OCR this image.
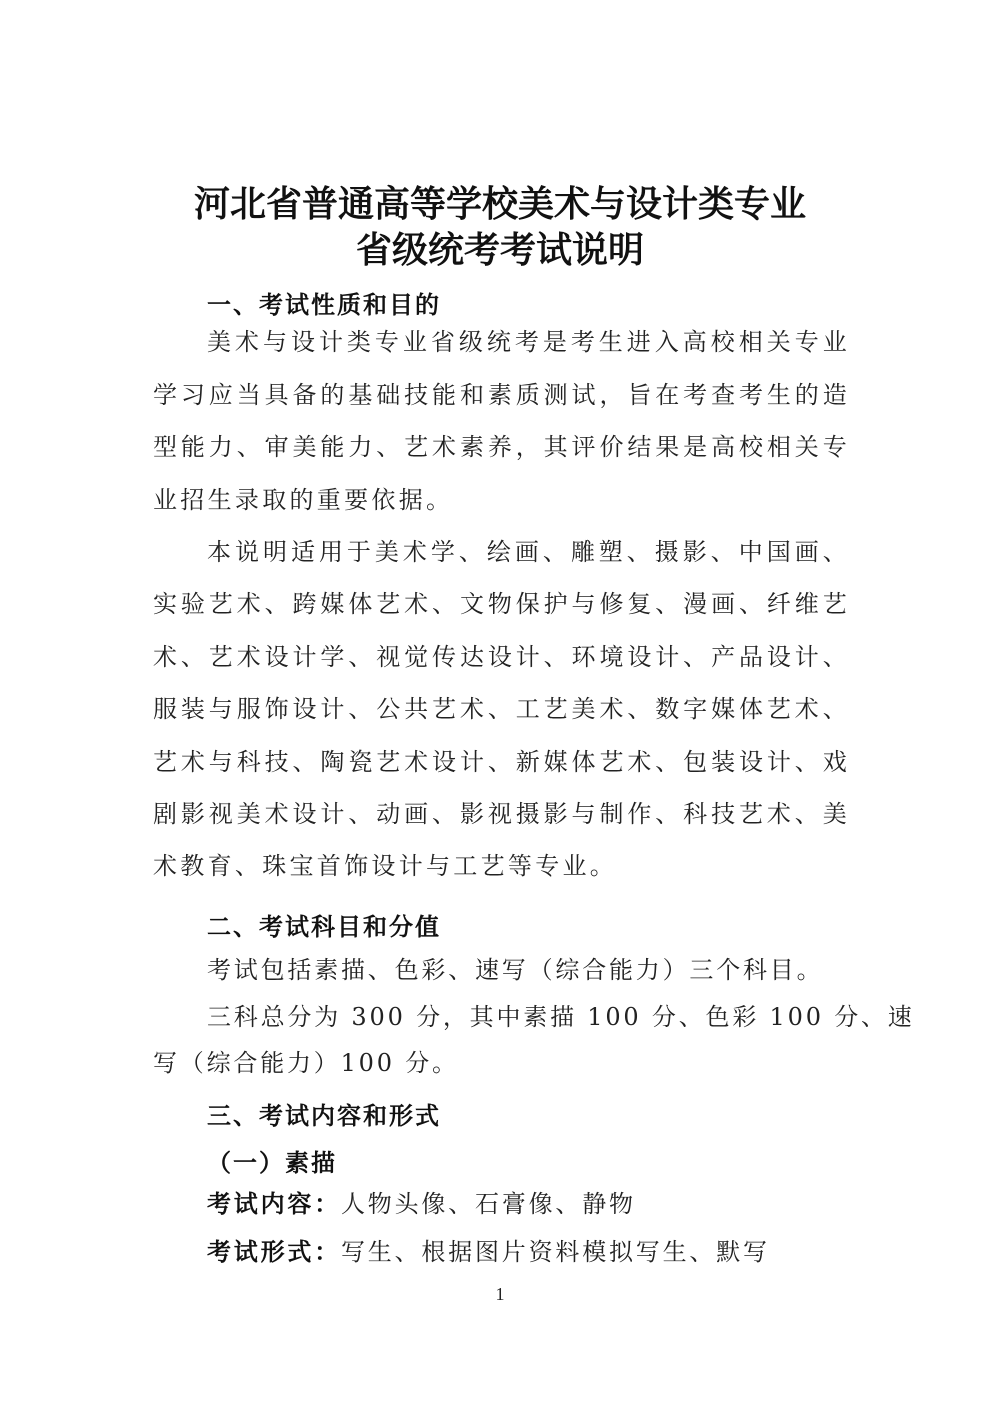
河北省普通高等学校美术与设计类专业
省级统考考试说明
一、考试性质和目的
美术与设计类专业省级统考是考生进入高校相关专业学习应当具备的基础技能和素质测试，旨在考查考生的造型能力、审美能力、艺术素养，其评价结果是高校相关专业招生录取的重要依据。
本说明适用于美术学、绘画、雕塑、摄影、中国画、实验艺术、跨媒体艺术、文物保护与修复、漫画、纤维艺术、艺术设计学、视觉传达设计、环境设计、产品设计、服装与服饰设计、公共艺术、工艺美术、数字媒体艺术、艺术与科技、陶瓷艺术设计、新媒体艺术、包装设计、戏剧影视美术设计、动画、影视摄影与制作、科技艺术、美术教育、珠宝首饰设计与工艺等专业。
二、考试科目和分值
考试包括素描、色彩、速写（综合能力）三个科目。
三科总分为 300 分，其中素描 100 分、色彩 100 分、速
写（综合能力）100 分。
三、考试内容和形式
（一）素描
考试内容：人物头像、石膏像、静物
考试形式：写生、根据图片资料模拟写生、默写
1
